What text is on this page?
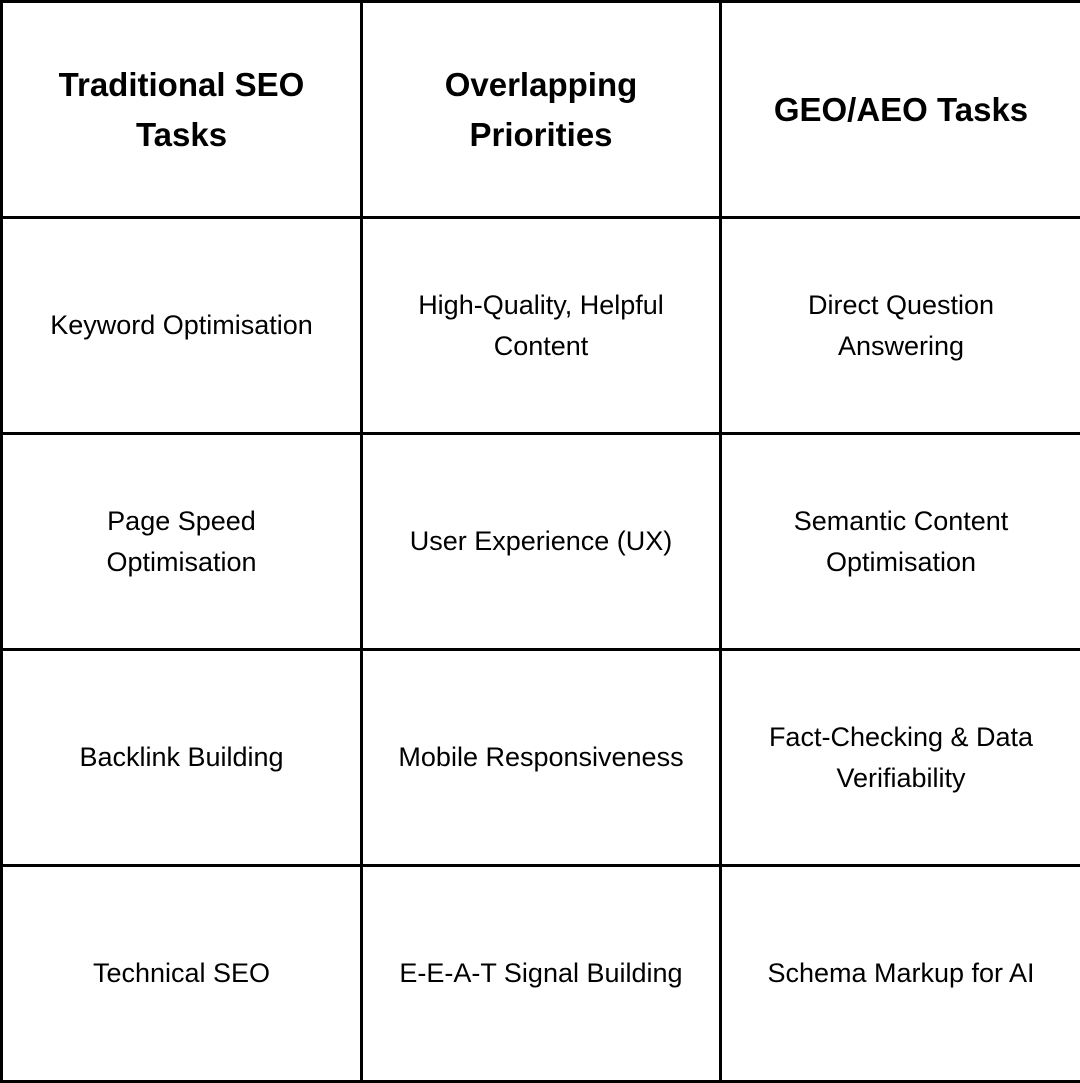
Traditional SEO Tasks	Overlapping Priorities	GEO/AEO Tasks
Keyword Optimisation	High-Quality, Helpful Content	Direct Question Answering
Page Speed Optimisation	User Experience (UX)	Semantic Content Optimisation
Backlink Building	Mobile Responsiveness	Fact-Checking & Data Verifiability
Technical SEO	E-E-A-T Signal Building	Schema Markup for AI
